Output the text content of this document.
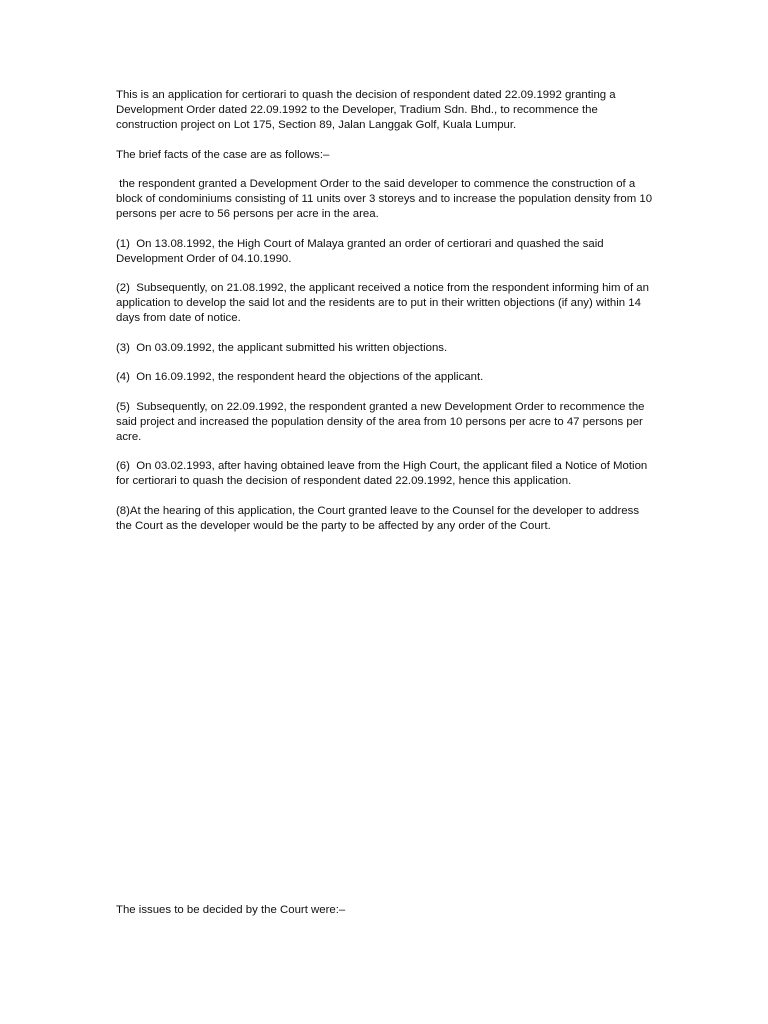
This is an application for certiorari to quash the decision of respondent dated 22.09.1992 granting a Development Order dated 22.09.1992 to the Developer, Tradium Sdn. Bhd., to recommence the construction project on Lot 175, Section 89, Jalan Langgak Golf, Kuala Lumpur.

The brief facts of the case are as follows:–

the respondent granted a Development Order to the said developer to commence the construction of a block of condominiums consisting of 11 units over 3 storeys and to increase the population density from 10 persons per acre to 56 persons per acre in the area.

(1)  On 13.08.1992, the High Court of Malaya granted an order of certiorari and quashed the said Development Order of 04.10.1990.

(2)  Subsequently, on 21.08.1992, the applicant received a notice from the respondent informing him of an application to develop the said lot and the residents are to put in their written objections (if any) within 14 days from date of notice.

(3)  On 03.09.1992, the applicant submitted his written objections.

(4)  On 16.09.1992, the respondent heard the objections of the applicant.

(5)  Subsequently, on 22.09.1992, the respondent granted a new Development Order to recommence the said project and increased the population density of the area from 10 persons per acre to 47 persons per acre.

(6)  On 03.02.1993, after having obtained leave from the High Court, the applicant filed a Notice of Motion for certiorari to quash the decision of respondent dated 22.09.1992, hence this application.

(8)At the hearing of this application, the Court granted leave to the Counsel for the developer to address the Court as the developer would be the party to be affected by any order of the Court.

The issues to be decided by the Court were:–
